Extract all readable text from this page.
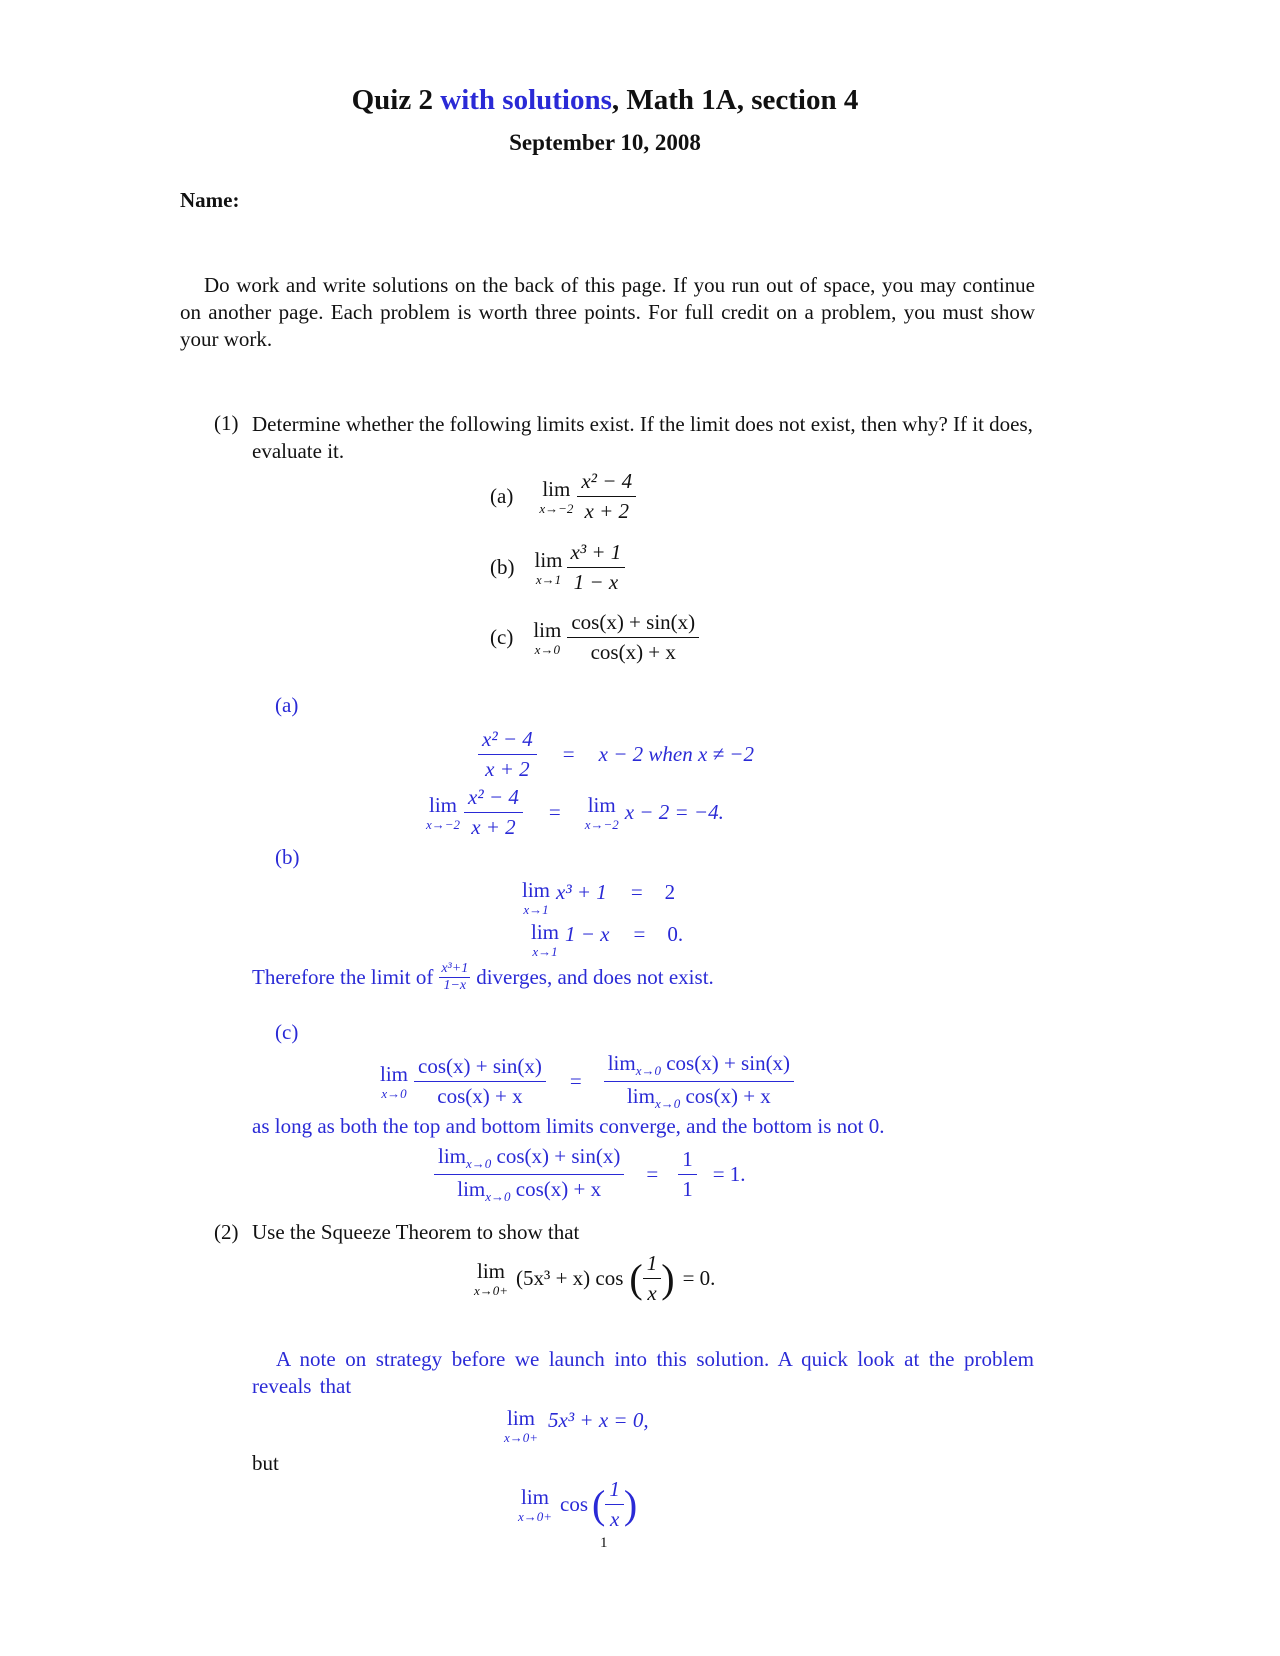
Quiz 2 with solutions, Math 1A, section 4
September 10, 2008
Name:
Do work and write solutions on the back of this page. If you run out of space, you may continue on another page. Each problem is worth three points. For full credit on a problem, you must show your work.
(1) Determine whether the following limits exist. If the limit does not exist, then why? If it does, evaluate it.
(a) lim
$x\to-2 \frac{\text{x² − 4}}{x + 2}$
(b) lim
$x\to 1 \frac{\text{x³ + 1}}{1 - x}$
(c) lim
$x\to 0 \frac{\cos(x) + \sin(x)}{\cos(x) + x}$
(a)
$\frac{\text{x² − 4}}{x + 2} = x - 2$ when x ≠ −2
lim
$x\to-2 \frac{\text{x² − 4}}{x + 2} = \lim$
x→−2 x − 2 = −4.
(b)
lim
x→1
x³ + 1 = 2
lim
x→1
1 − x = 0.
Therefore the limit of x³+1
1−x diverges, and does not exist.
(c)
lim
$x\to 0 \frac{\cos(x) + \sin(x)}{\cos(x) + x} = \frac{\lim_{x\to 0} \cos(x) + \sin(x)}{\lim_{x\to 0} \cos(x) + x}$
as long as both the top and bottom limits converge, and the bottom is not 0.
$\frac{\lim_{x\to 0} \cos(x) + \sin(x)}{\lim_{x\to 0} \cos(x) + x} = \frac{1}{1} = 1$.
(2) Use the Squeeze Theorem to show that
lim
x→0+ (5x³ + x) cos ( $\frac{1}{x}$ ) = 0.
A note on strategy before we launch into this solution. A quick look at the problem reveals that
lim
x→0+
5x³ + x = 0,
but
lim
x→0+ cos ( $\frac{1}{x}$ )
1
